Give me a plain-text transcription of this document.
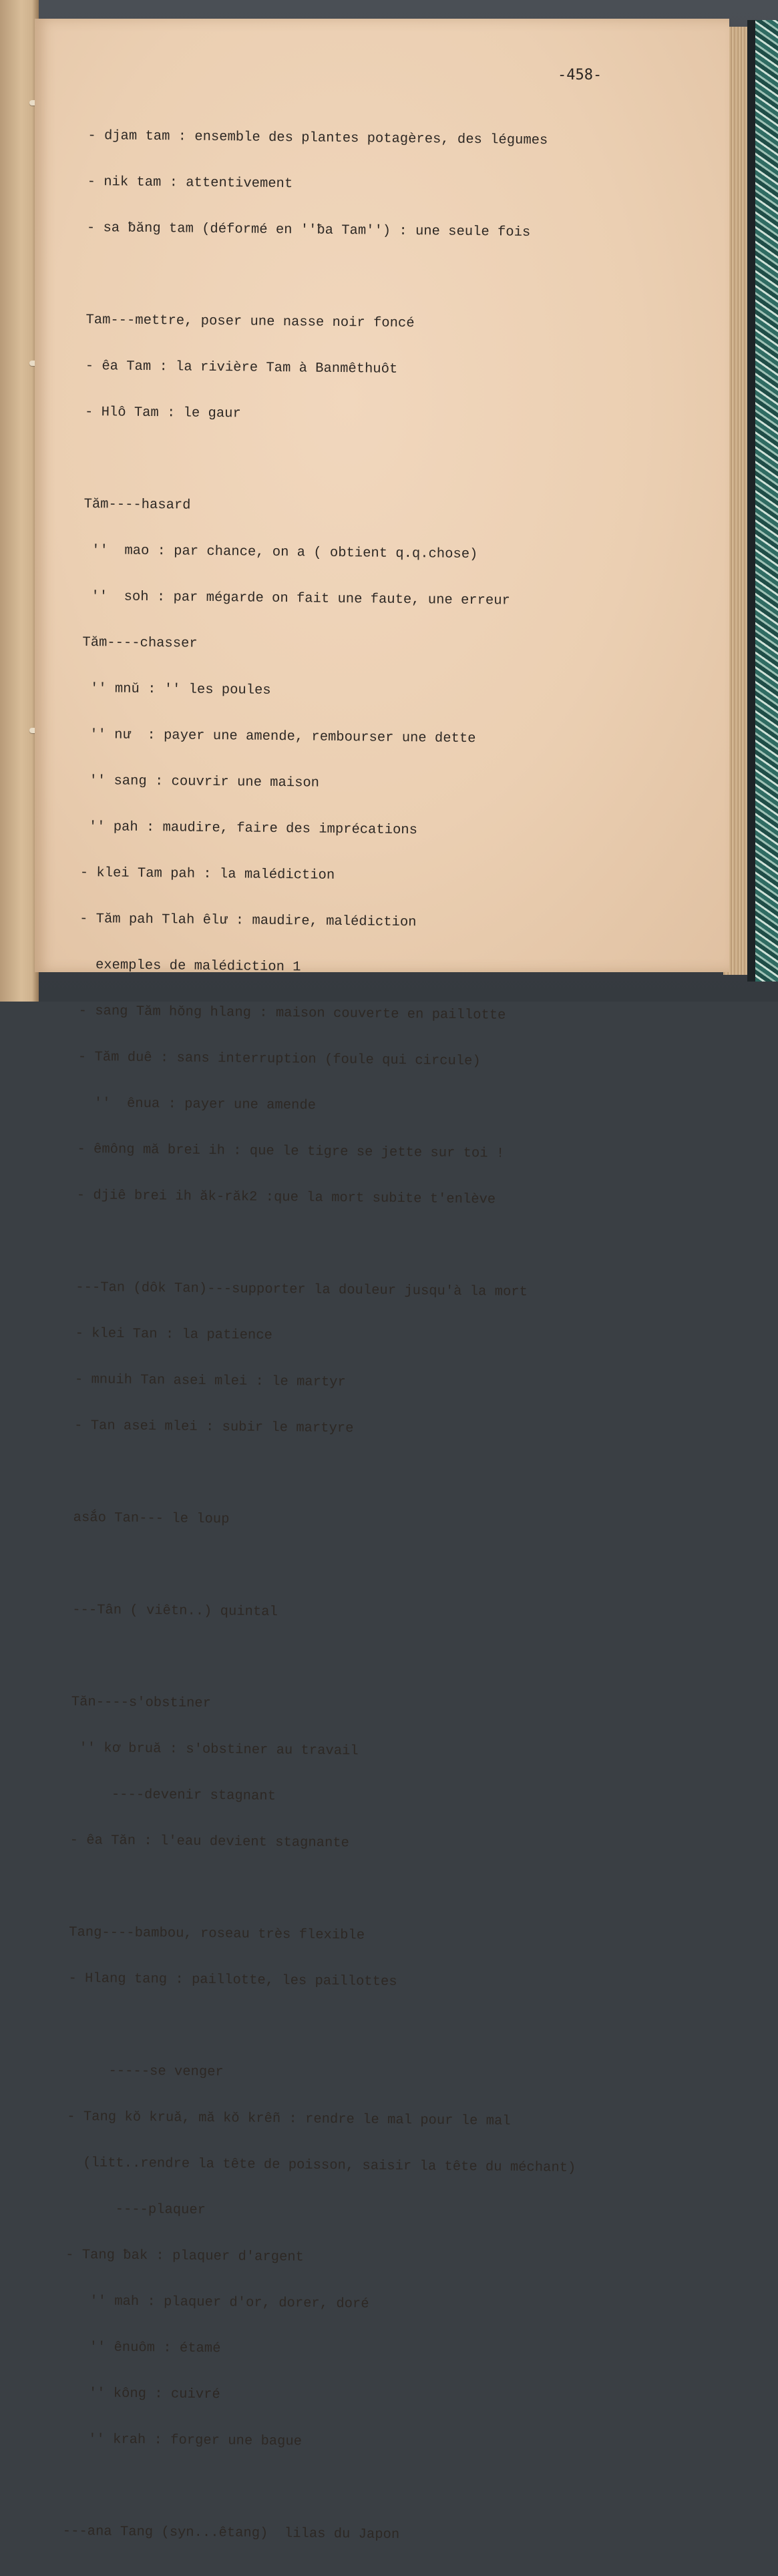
-458-

- djam tam : ensemble des plantes potagères, des légumes

- nik tam : attentivement

- sa ƀăng tam (déformé en ''ƀa Tam'') : une seule fois

Tam---mettre, poser une nasse noir foncé

- êa Tam : la rivière Tam à Banmêthuôt

- Hlô Tam : le gaur

Tăm----hasard

''  mao : par chance, on a ( obtient q.q.chose)

''  soh : par mégarde on fait une faute, une erreur

Tăm----chasser

'' mnŭ : '' les poules

'' nư  : payer une amende, rembourser une dette

'' sang : couvrir une maison

'' pah : maudire, faire des imprécations

- klei Tam pah : la malédiction

- Tăm pah Tlah êlư : maudire, malédiction

exemples de malédiction 1

- sang Tăm hŏng hlang : maison couverte en paillotte

- Tăm duê : sans interruption (foule qui circule)

''  ênua : payer une amende

- êmông mă brei ih : que le tigre se jette sur toi !

- djiê brei ih ăk-răk2 :que la mort subite t'enlève

---Tan (dôk Tan)---supporter la douleur jusqu'à la mort

- klei Tan : la patience

- mnuih Tan asei mlei : le martyr

- Tan asei mlei : subir le martyre

asắo Tan--- le loup

---Tân ( viêtn..) quintal

Tăn----s'obstiner

'' kơ bruă : s'obstiner au travail

----devenir stagnant

- êa Tăn : l'eau devient stagnante

Tang----bambou, roseau très flexible

- Hlang tang : paillotte, les paillottes

-----se venger

- Tang kŏ kruă, mă kŏ krêñ : rendre le mal pour le mal

(litt..rendre la tête de poisson, saisir la tête du méchant)

----plaquer

- Tang ƀak : plaquer d'argent

'' mah : plaquer d'or, dorer, doré

'' ênuôm : étamé

'' kông : cuivré

'' krah : forger une bague

---ana Tang (syn...êtang)  lilas du Japon
